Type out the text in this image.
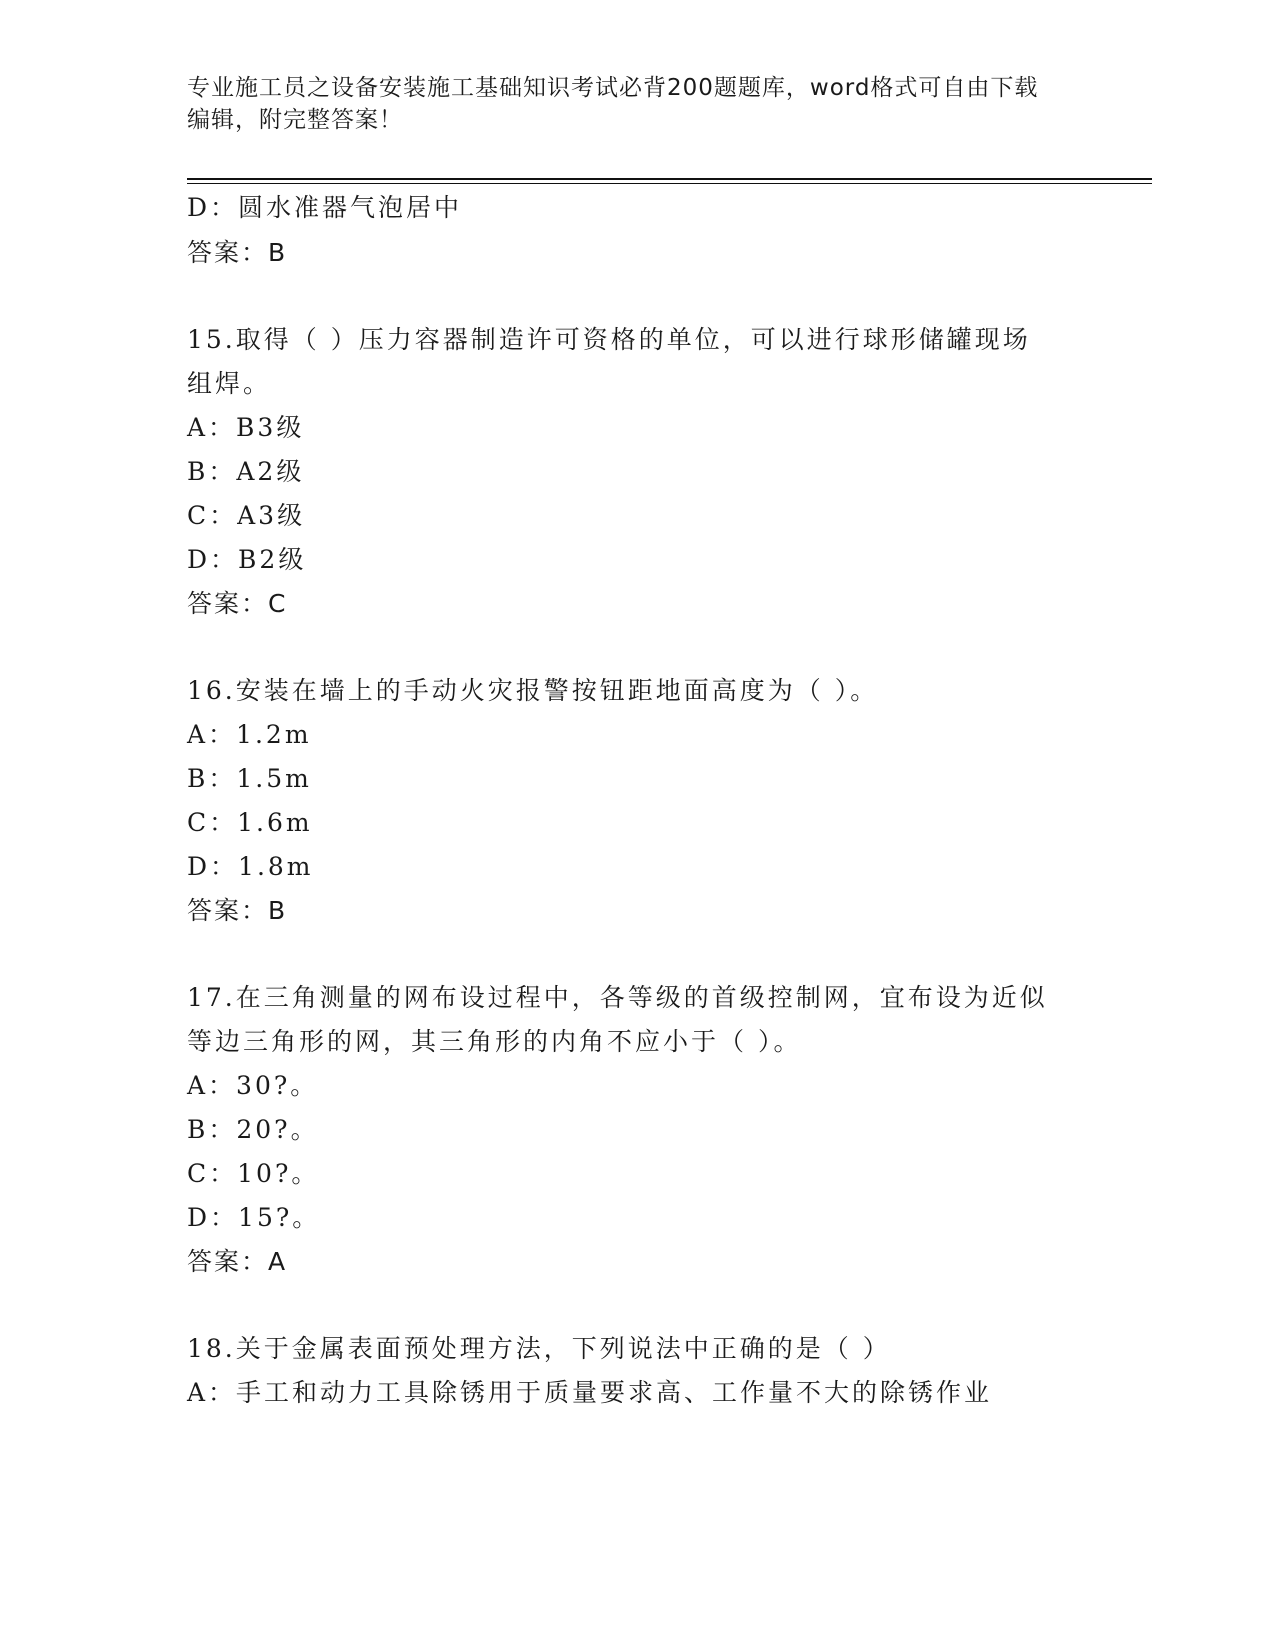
专业施工员之设备安装施工基础知识考试必背200题题库，word格式可自由下载
编辑，附完整答案！
D：圆水准器气泡居中
答案：B
15.取得（ ）压力容器制造许可资格的单位，可以进行球形储罐现场
组焊。
A：B3级
B：A2级
C：A3级
D：B2级
答案：C
16.安装在墙上的手动火灾报警按钮距地面高度为（ ）。
A：1.2m
B：1.5m
C：1.6m
D：1.8m
答案：B
17.在三角测量的网布设过程中，各等级的首级控制网，宜布设为近似
等边三角形的网，其三角形的内角不应小于（ ）。
A：30?。
B：20?。
C：10?。
D：15?。
答案：A
18.关于金属表面预处理方法，下列说法中正确的是（ ）
A：手工和动力工具除锈用于质量要求高、工作量不大的除锈作业
